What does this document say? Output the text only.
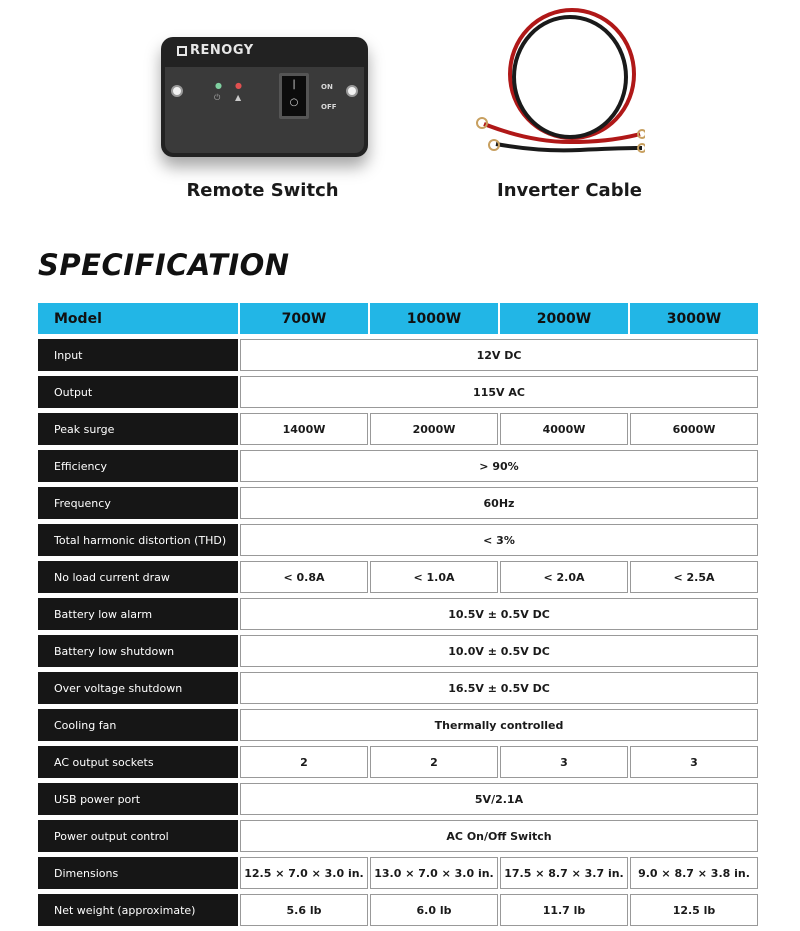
RENOGY
● ●
⏻ ▲
|
○
ON
OFF
Remote Switch	Inverter Cable
SPECIFICATION
Model	700W	1000W	2000W	3000W
Input	12V DC			
Output	115V AC			
Peak surge	1400W	2000W	4000W	6000W
Efficiency	> 90%			
Frequency	60Hz			
Total harmonic distortion (THD)	< 3%			
No load current draw	< 0.8A	< 1.0A	< 2.0A	< 2.5A
Battery low alarm	10.5V ± 0.5V DC			
Battery low shutdown	10.0V ± 0.5V DC			
Over voltage shutdown	16.5V ± 0.5V DC			
Cooling fan	Thermally controlled			
AC output sockets	2	2	3	3
USB power port	5V/2.1A			
Power output control	AC On/Off Switch			
Dimensions	12.5 × 7.0 × 3.0 in.	13.0 × 7.0 × 3.0 in.	17.5 × 8.7 × 3.7 in.	9.0 × 8.7 × 3.8 in.
Net weight (approximate)	5.6 lb	6.0 lb	11.7 lb	12.5 lb
